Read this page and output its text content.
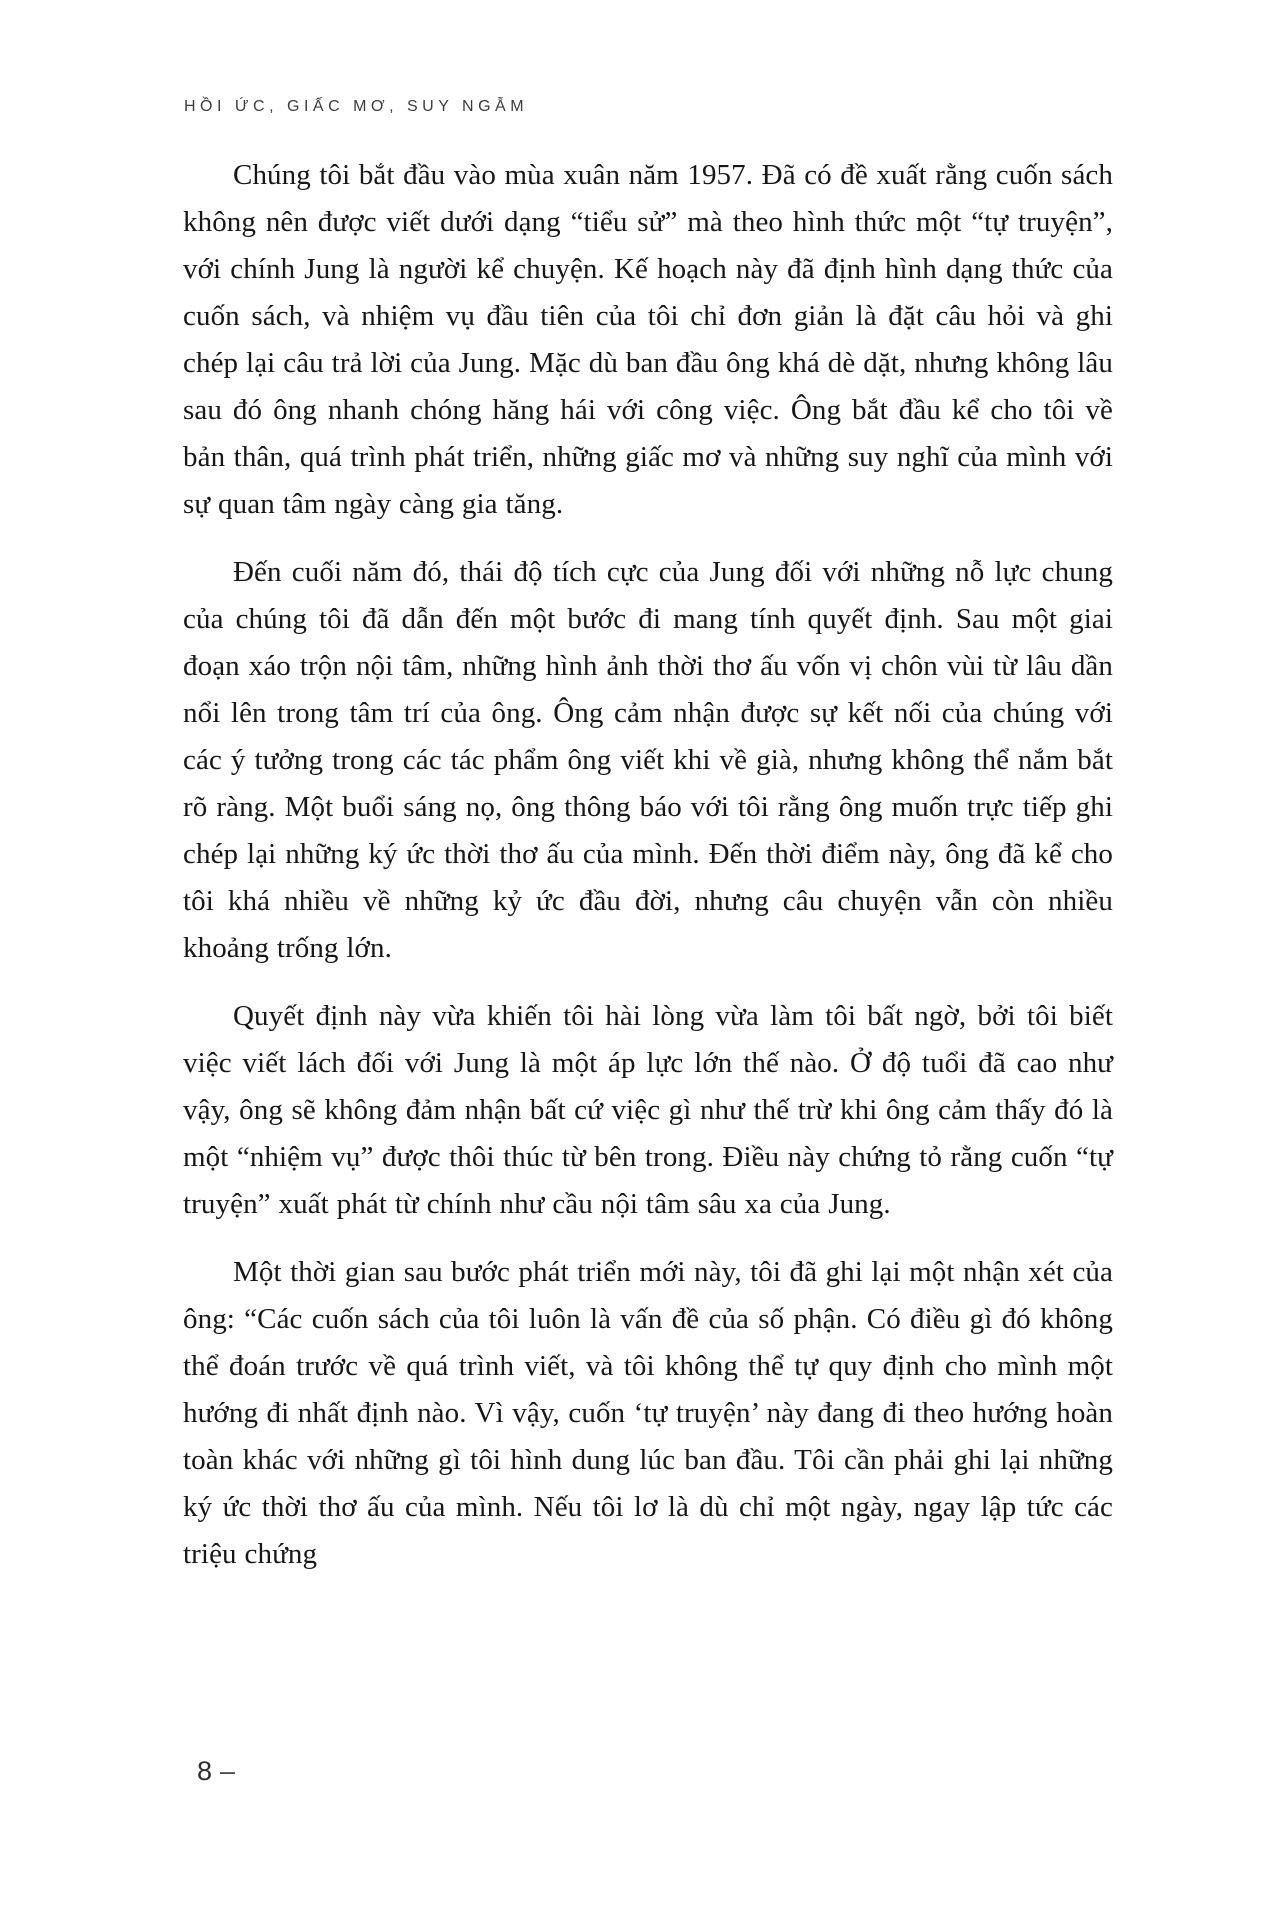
HỒI ỨC, GIẤC MƠ, SUY NGẪM

Chúng tôi bắt đầu vào mùa xuân năm 1957. Đã có đề xuất rằng cuốn sách không nên được viết dưới dạng “tiểu sử” mà theo hình thức một “tự truyện”, với chính Jung là người kể chuyện. Kế hoạch này đã định hình dạng thức của cuốn sách, và nhiệm vụ đầu tiên của tôi chỉ đơn giản là đặt câu hỏi và ghi chép lại câu trả lời của Jung. Mặc dù ban đầu ông khá dè dặt, nhưng không lâu sau đó ông nhanh chóng hăng hái với công việc. Ông bắt đầu kể cho tôi về bản thân, quá trình phát triển, những giấc mơ và những suy nghĩ của mình với sự quan tâm ngày càng gia tăng.

Đến cuối năm đó, thái độ tích cực của Jung đối với những nỗ lực chung của chúng tôi đã dẫn đến một bước đi mang tính quyết định. Sau một giai đoạn xáo trộn nội tâm, những hình ảnh thời thơ ấu vốn vị chôn vùi từ lâu dần nổi lên trong tâm trí của ông. Ông cảm nhận được sự kết nối của chúng với các ý tưởng trong các tác phẩm ông viết khi về già, nhưng không thể nắm bắt rõ ràng. Một buổi sáng nọ, ông thông báo với tôi rằng ông muốn trực tiếp ghi chép lại những ký ức thời thơ ấu của mình. Đến thời điểm này, ông đã kể cho tôi khá nhiều về những kỷ ức đầu đời, nhưng câu chuyện vẫn còn nhiều khoảng trống lớn.

Quyết định này vừa khiến tôi hài lòng vừa làm tôi bất ngờ, bởi tôi biết việc viết lách đối với Jung là một áp lực lớn thế nào. Ở độ tuổi đã cao như vậy, ông sẽ không đảm nhận bất cứ việc gì như thế trừ khi ông cảm thấy đó là một “nhiệm vụ” được thôi thúc từ bên trong. Điều này chứng tỏ rằng cuốn “tự truyện” xuất phát từ chính như cầu nội tâm sâu xa của Jung.

Một thời gian sau bước phát triển mới này, tôi đã ghi lại một nhận xét của ông: “Các cuốn sách của tôi luôn là vấn đề của số phận. Có điều gì đó không thể đoán trước về quá trình viết, và tôi không thể tự quy định cho mình một hướng đi nhất định nào. Vì vậy, cuốn ‘tự truyện’ này đang đi theo hướng hoàn toàn khác với những gì tôi hình dung lúc ban đầu. Tôi cần phải ghi lại những ký ức thời thơ ấu của mình. Nếu tôi lơ là dù chỉ một ngày, ngay lập tức các triệu chứng

8 –
